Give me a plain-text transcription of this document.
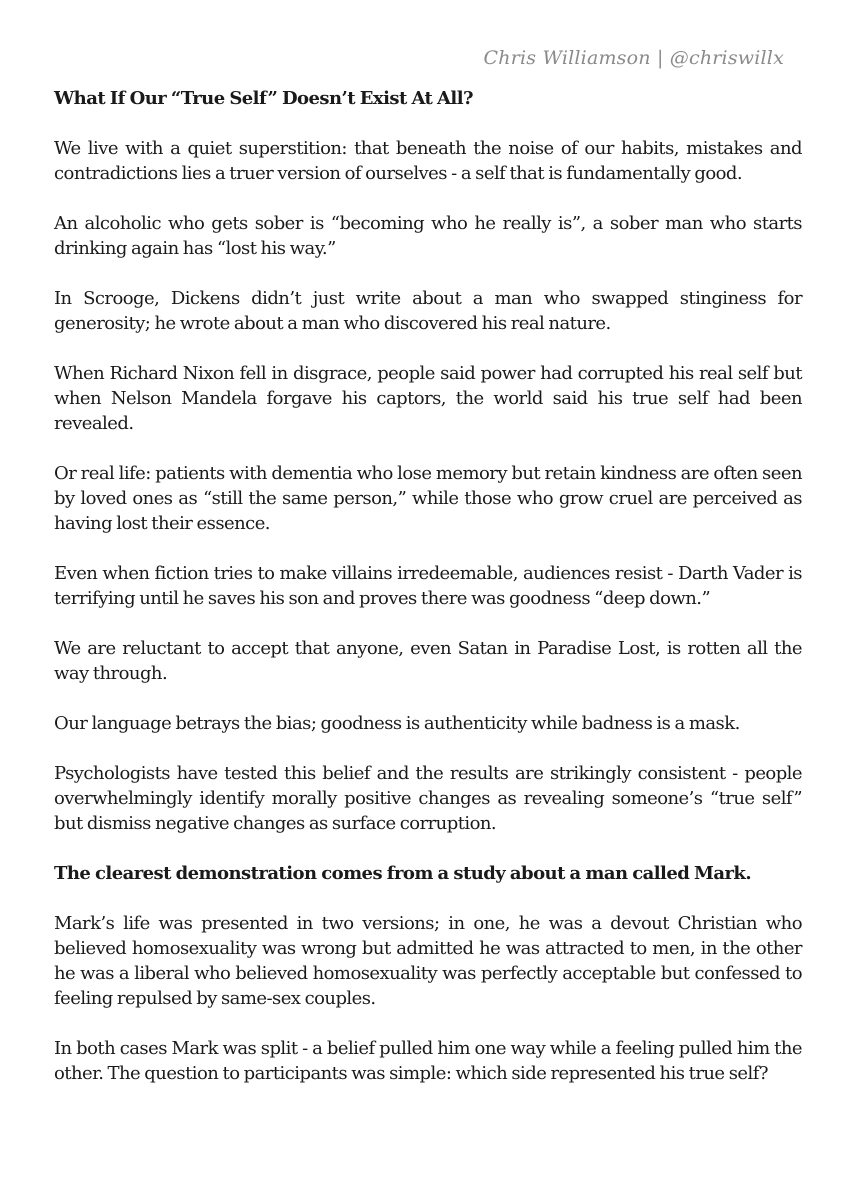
Chris Williamson | @chriswillx

What If Our “True Self” Doesn’t Exist At All?

We live with a quiet superstition: that beneath the noise of our habits, mistakes and contradictions lies a truer version of ourselves - a self that is fundamentally good.

An alcoholic who gets sober is “becoming who he really is”, a sober man who starts drinking again has “lost his way.”

In Scrooge, Dickens didn’t just write about a man who swapped stinginess for generosity; he wrote about a man who discovered his real nature.

When Richard Nixon fell in disgrace, people said power had corrupted his real self but when Nelson Mandela forgave his captors, the world said his true self had been revealed.

Or real life: patients with dementia who lose memory but retain kindness are often seen by loved ones as “still the same person,” while those who grow cruel are perceived as having lost their essence.

Even when fiction tries to make villains irredeemable, audiences resist - Darth Vader is terrifying until he saves his son and proves there was goodness “deep down.”

We are reluctant to accept that anyone, even Satan in Paradise Lost, is rotten all the way through.

Our language betrays the bias; goodness is authenticity while badness is a mask.

Psychologists have tested this belief and the results are strikingly consistent - people overwhelmingly identify morally positive changes as revealing someone’s “true self” but dismiss negative changes as surface corruption.

The clearest demonstration comes from a study about a man called Mark.

Mark’s life was presented in two versions; in one, he was a devout Christian who believed homosexuality was wrong but admitted he was attracted to men, in the other he was a liberal who believed homosexuality was perfectly acceptable but confessed to feeling repulsed by same-sex couples.

In both cases Mark was split - a belief pulled him one way while a feeling pulled him the other. The question to participants was simple: which side represented his true self?
